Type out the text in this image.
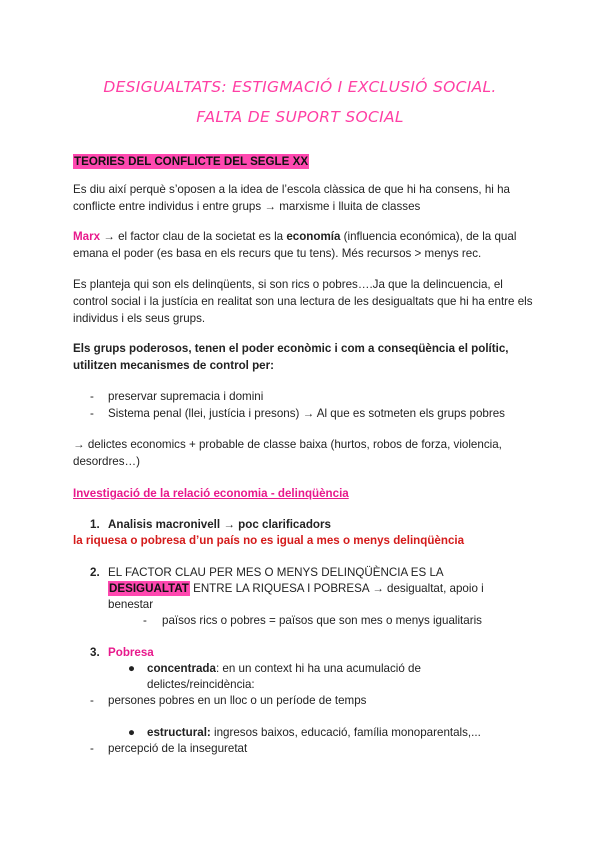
DESIGUALTATS: ESTIGMACIÓ I EXCLUSIÓ SOCIAL.
FALTA DE SUPORT SOCIAL
TEORIES DEL CONFLICTE DEL SEGLE XX
Es diu així perquè s’oposen a la idea de l’escola clàssica de que hi ha consens, hi ha conflicte entre individus i entre grups → marxisme i lluita de classes
Marx → el factor clau de la societat es la economía (influencia económica), de la qual emana el poder (es basa en els recurs que tu tens). Més recursos > menys rec.
Es planteja qui son els delinqüents, si son rics o pobres….Ja que la delincuencia, el control social i la justícia en realitat son una lectura de les desigualtats que hi ha entre els individus i els seus grups.
Els grups poderosos, tenen el poder econòmic i com a conseqüència el polític, utilitzen mecanismes de control per:
- preservar supremacia i domini
- Sistema penal (llei, justícia i presons) → Al que es sotmeten els grups pobres
→ delictes economics + probable de classe baixa (hurtos, robos de forza, violencia, desordres…)
Investigació de la relació economia - delinqüència
1. Analisis macronivell → poc clarificadors
la riquesa o pobresa d’un país no es igual a mes o menys delinqüència
2. EL FACTOR CLAU PER MES O MENYS DELINQÜÈNCIA ES LA
DESIGUALTAT ENTRE LA RIQUESA I POBRESA → desigualtat, apoio i
benestar
- països rics o pobres = països que son mes o menys igualitaris
3. Pobresa
● concentrada: en un context hi ha una acumulació de
delictes/reincidència:
- persones pobres en un lloc o un període de temps
● estructural: ingresos baixos, educació, família monoparentals,...
- percepció de la inseguretat
